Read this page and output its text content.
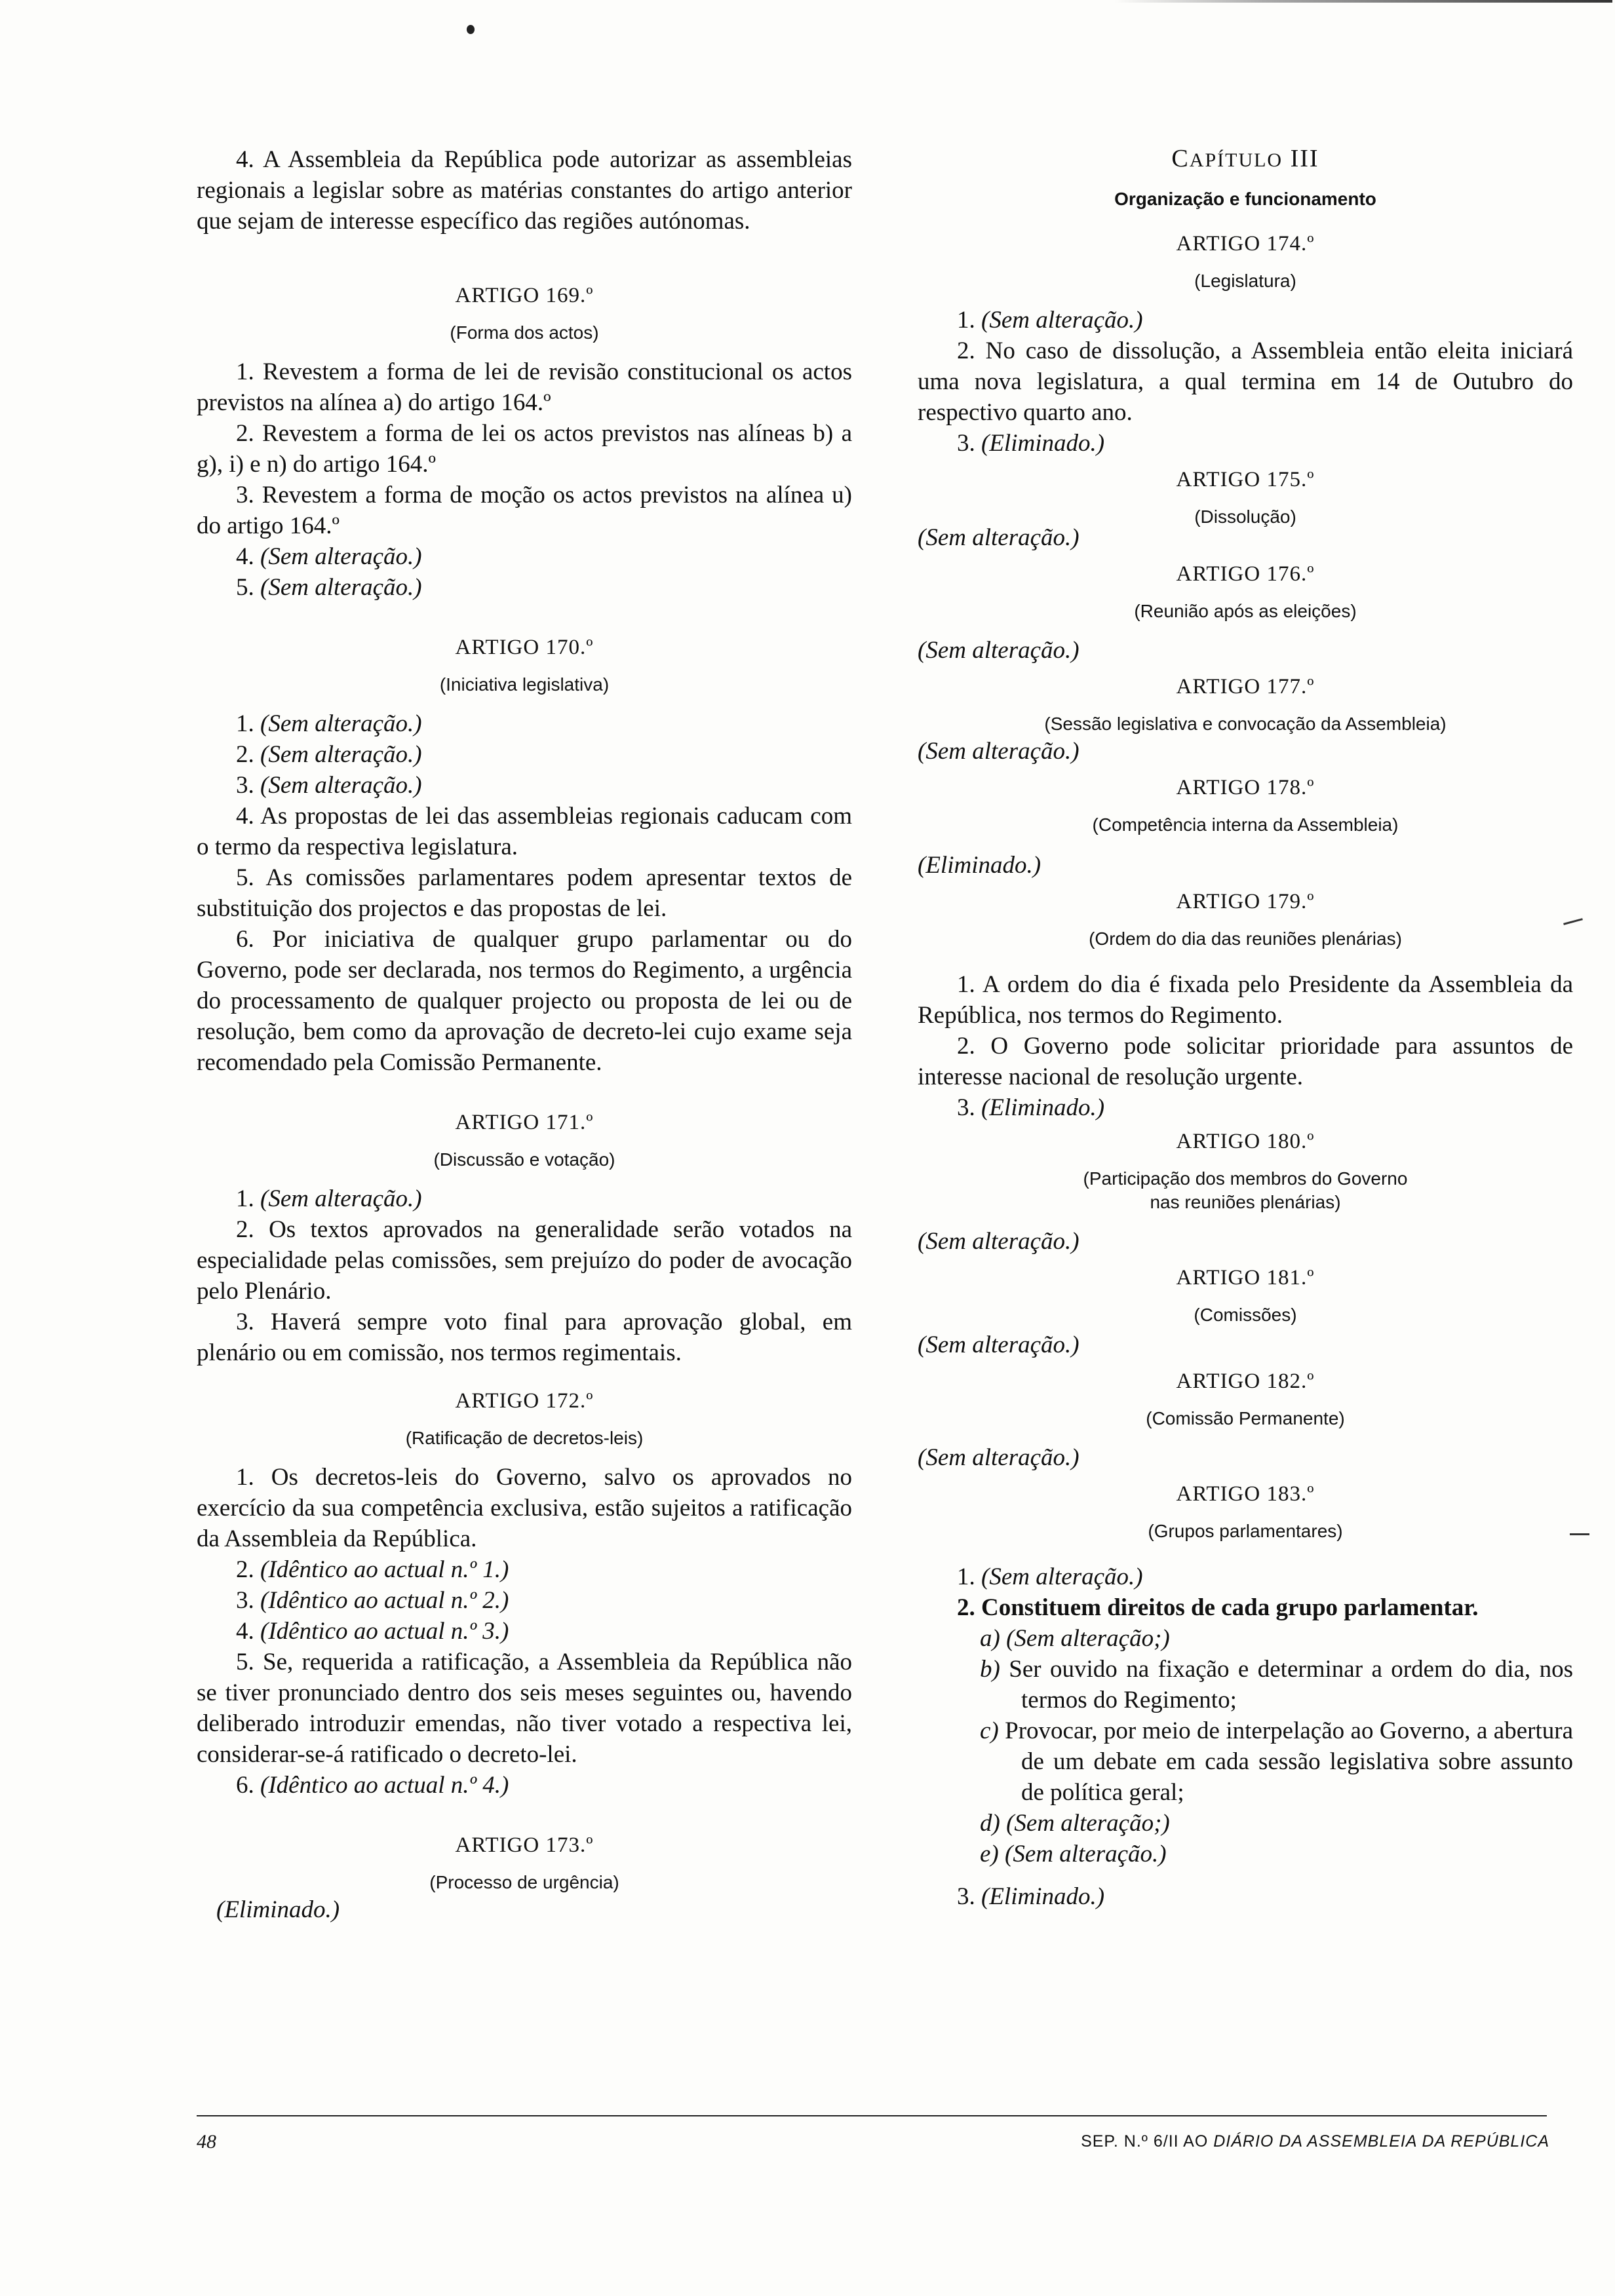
4. A Assembleia da República pode autorizar as assembleias regionais a legislar sobre as matérias constantes do artigo anterior que sejam de interesse específico das regiões autónomas.

ARTIGO 169.º
(Forma dos actos)

1. Revestem a forma de lei de revisão constitucional os actos previstos na alínea a) do artigo 164.º

2. Revestem a forma de lei os actos previstos nas alíneas b) a g), i) e n) do artigo 164.º

3. Revestem a forma de moção os actos previstos na alínea u) do artigo 164.º

4. (Sem alteração.)

5. (Sem alteração.)

ARTIGO 170.º
(Iniciativa legislativa)

1. (Sem alteração.)

2. (Sem alteração.)

3. (Sem alteração.)

4. As propostas de lei das assembleias regionais caducam com o termo da respectiva legislatura.

5. As comissões parlamentares podem apresentar textos de substituição dos projectos e das propostas de lei.

6. Por iniciativa de qualquer grupo parlamentar ou do Governo, pode ser declarada, nos termos do Regimento, a urgência do processamento de qualquer projecto ou proposta de lei ou de resolução, bem como da aprovação de decreto-lei cujo exame seja recomendado pela Comissão Permanente.

ARTIGO 171.º
(Discussão e votação)

1. (Sem alteração.)

2. Os textos aprovados na generalidade serão votados na especialidade pelas comissões, sem prejuízo do poder de avocação pelo Plenário.

3. Haverá sempre voto final para aprovação global, em plenário ou em comissão, nos termos regimentais.

ARTIGO 172.º
(Ratificação de decretos-leis)

1. Os decretos-leis do Governo, salvo os aprovados no exercício da sua competência exclusiva, estão sujeitos a ratificação da Assembleia da República.

2. (Idêntico ao actual n.º 1.)

3. (Idêntico ao actual n.º 2.)

4. (Idêntico ao actual n.º 3.)

5. Se, requerida a ratificação, a Assembleia da República não se tiver pronunciado dentro dos seis meses seguintes ou, havendo deliberado introduzir emendas, não tiver votado a respectiva lei, considerar-se-á ratificado o decreto-lei.

6. (Idêntico ao actual n.º 4.)

ARTIGO 173.º
(Processo de urgência)

(Eliminado.)

CAPÍTULO III
Organização e funcionamento
ARTIGO 174.º
(Legislatura)

1. (Sem alteração.)

2. No caso de dissolução, a Assembleia então eleita iniciará uma nova legislatura, a qual termina em 14 de Outubro do respectivo quarto ano.

3. (Eliminado.)

ARTIGO 175.º
(Dissolução)

(Sem alteração.)

ARTIGO 176.º
(Reunião após as eleições)

(Sem alteração.)

ARTIGO 177.º
(Sessão legislativa e convocação da Assembleia)

(Sem alteração.)

ARTIGO 178.º
(Competência interna da Assembleia)

(Eliminado.)

ARTIGO 179.º
(Ordem do dia das reuniões plenárias)

1. A ordem do dia é fixada pelo Presidente da Assembleia da República, nos termos do Regimento.

2. O Governo pode solicitar prioridade para assuntos de interesse nacional de resolução urgente.

3. (Eliminado.)

ARTIGO 180.º
(Participação dos membros do Governo
nas reuniões plenárias)

(Sem alteração.)

ARTIGO 181.º
(Comissões)

(Sem alteração.)

ARTIGO 182.º
(Comissão Permanente)

(Sem alteração.)

ARTIGO 183.º
(Grupos parlamentares)

1. (Sem alteração.)

2. Constituem direitos de cada grupo parlamentar.

a) (Sem alteração;)

b) Ser ouvido na fixação e determinar a ordem do dia, nos termos do Regimento;

c) Provocar, por meio de interpelação ao Governo, a abertura de um debate em cada sessão legislativa sobre assunto de política geral;

d) (Sem alteração;)

e) (Sem alteração.)

3. (Eliminado.)

48	SEP. N.º 6/II AO DIÁRIO DA ASSEMBLEIA DA REPÚBLICA
